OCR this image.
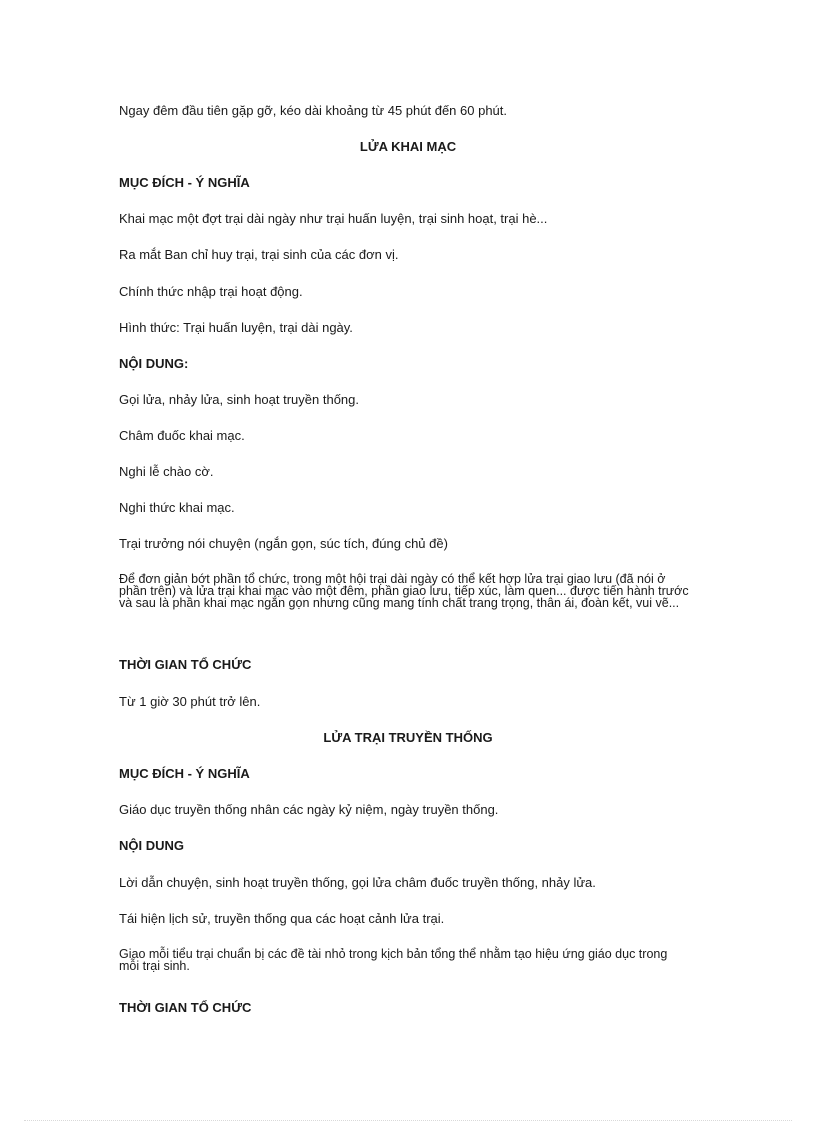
Ngay đêm đầu tiên gặp gỡ, kéo dài khoảng từ 45 phút đến 60 phút.

LỬA KHAI MẠC

MỤC ĐÍCH - Ý NGHĨA

Khai mạc một đợt trại dài ngày như trại huấn luyện, trại sinh hoạt, trại hè...

Ra mắt Ban chỉ huy trại, trại sinh của các đơn vị.

Chính thức nhập trại hoạt động.

Hình thức: Trại huấn luyện, trại dài ngày.

NỘI DUNG:

Gọi lửa, nhảy lửa, sinh hoạt truyền thống.

Châm đuốc khai mạc.

Nghi lễ chào cờ.

Nghi thức khai mạc.

Trại trưởng nói chuyện (ngắn gọn, súc tích, đúng chủ đề)

Để đơn giản bớt phần tổ chức, trong một hội trại dài ngày có thể kết hợp lửa trại giao lưu (đã nói ở phần trên) và lửa trại khai mạc vào một đêm, phần giao lưu, tiếp xúc, làm quen... được tiến hành trước và sau là phần khai mạc ngắn gọn nhưng cũng mang tính chất trang trọng, thân ái, đoàn kết, vui vẽ...

THỜI GIAN TỔ CHỨC

Từ 1 giờ 30 phút trở lên.

LỬA TRẠI TRUYỀN THỐNG

MỤC ĐÍCH - Ý NGHĨA

Giáo dục truyền thống nhân các ngày kỷ niệm, ngày truyền thống.

NỘI DUNG

Lời dẫn chuyện, sinh hoạt truyền thống, gọi lửa châm đuốc truyền thống, nhảy lửa.

Tái hiện lịch sử, truyền thống qua các hoạt cảnh lửa trại.

Giao mỗi tiểu trại chuẩn bị các đề tài nhỏ trong kịch bản tổng thể nhằm tạo hiệu ứng giáo dục trong mỗi trại sinh.

THỜI GIAN TỔ CHỨC
